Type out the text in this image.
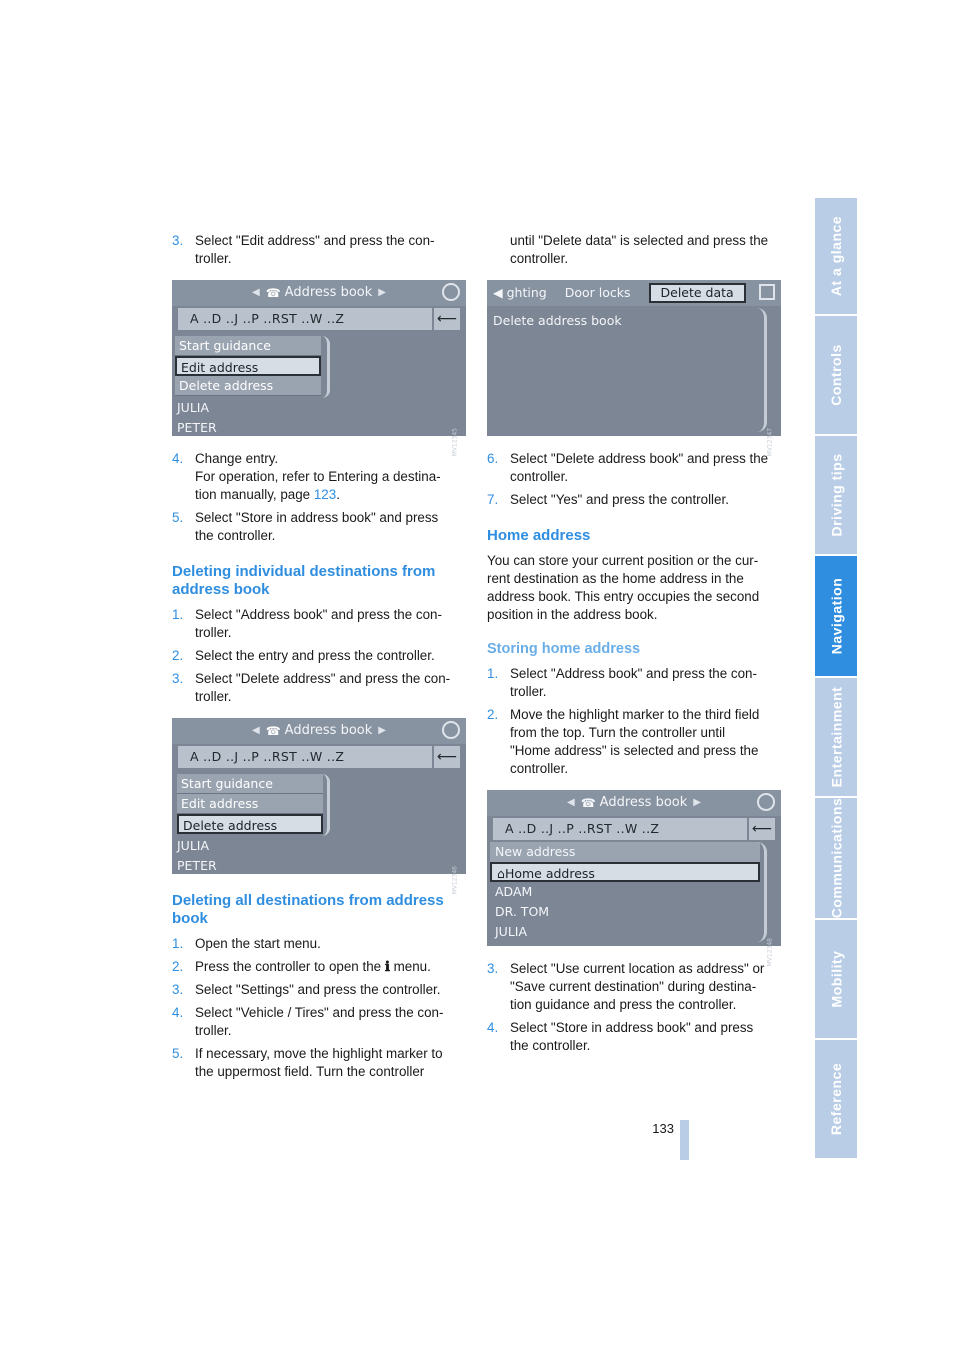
At a glance
Controls
Driving tips
Navigation
Entertainment
Communications
Mobility
Reference
133
3. Select "Edit address" and press the con-
troller.
◀ ☎ Address book ▶
A ..D ..J ..P ..RST ..W ..Z	⟵
Start guidance
Edit address
Delete address
JULIA
PETER
MV12345
4. Change entry.
For operation, refer to Entering a destina-
tion manually, page 123.
5. Select "Store in address book" and press
the controller.
Deleting individual destinations from
address book
1. Select "Address book" and press the con-
troller.
2. Select the entry and press the controller.
3. Select "Delete address" and press the con-
troller.
◀ ☎ Address book ▶
A ..D ..J ..P ..RST ..W ..Z	⟵
Start guidance
Edit address
Delete address
JULIA
PETER
MV12346
Deleting all destinations from address
book
1. Open the start menu.
2. Press the controller to open the ℹ menu.
3. Select "Settings" and press the controller.
4. Select "Vehicle / Tires" and press the con-
troller.
5. If necessary, move the highlight marker to
the uppermost field. Turn the controller
until "Delete data" is selected and press the
controller.
◀ ghting Door locks	Delete data
Delete address book
MV12347
6. Select "Delete address book" and press the
controller.
7. Select "Yes" and press the controller.
Home address

You can store your current position or the cur-
rent destination as the home address in the
address book. This entry occupies the second
position in the address book.

Storing home address
1. Select "Address book" and press the con-
troller.
2. Move the highlight marker to the third field
from the top. Turn the controller until
"Home address" is selected and press the
controller.
◀ ☎ Address book ▶
A ..D ..J ..P ..RST ..W ..Z	⟵
New address
⌂Home address
ADAM
DR. TOM
JULIA
MV12348
3. Select "Use current location as address" or
"Save current destination" during destina-
tion guidance and press the controller.
4. Select "Store in address book" and press
the controller.
